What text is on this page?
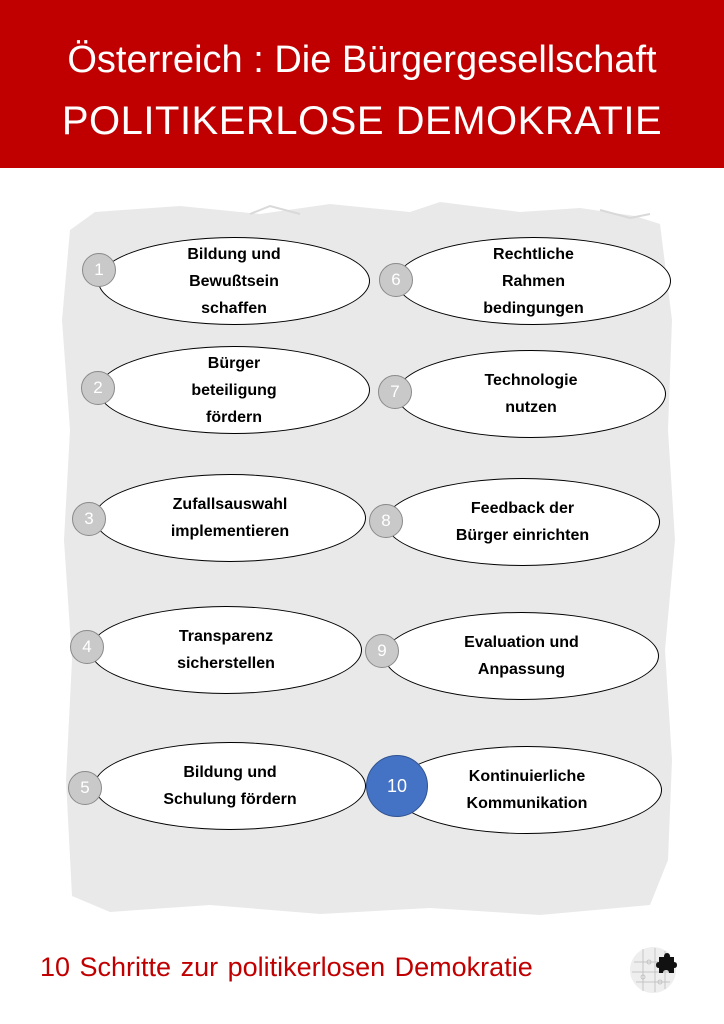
Österreich : Die Bürgergesellschaft
POLITIKERLOSE DEMOKRATIE
Bildung und
Bewußtsein
schaffen
1
Bürger
beteiligung
fördern
2
Zufallsauswahl
implementieren
3
Transparenz
sicherstellen
4
Bildung und
Schulung fördern
5
Rechtliche
Rahmen
bedingungen
6
Technologie
nutzen
7
Feedback der
Bürger einrichten
8
Evaluation und
Anpassung
9
Kontinuierliche
Kommunikation
10
10 Schritte zur politikerlosen Demokratie
